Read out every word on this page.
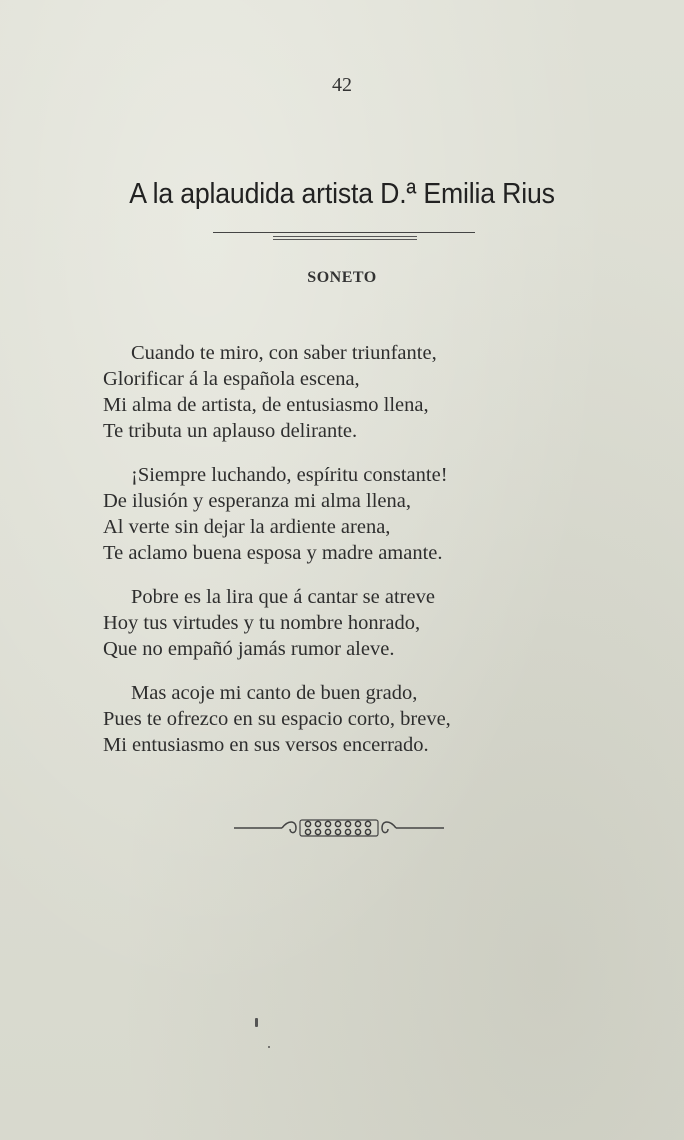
42
A la aplaudida artista D.ª Emilia Rius
SONETO
Cuando te miro, con saber triunfante,
Glorificar á la española escena,
Mi alma de artista, de entusiasmo llena,
Te tributa un aplauso delirante.
¡Siempre luchando, espíritu constante!
De ilusión y esperanza mi alma llena,
Al verte sin dejar la ardiente arena,
Te aclamo buena esposa y madre amante.
Pobre es la lira que á cantar se atreve
Hoy tus virtudes y tu nombre honrado,
Que no empañó jamás rumor aleve.
Mas acoje mi canto de buen grado,
Pues te ofrezco en su espacio corto, breve,
Mi entusiasmo en sus versos encerrado.
